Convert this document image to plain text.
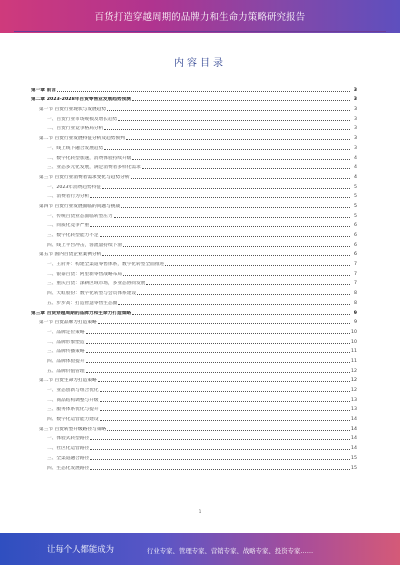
百货打造穿越周期的品牌力和生命力策略研究报告
内容目录
第一章 前言	3
第二章 2023-2028年百货零售业发展趋势预测	3
第一节 百货行业现状与发展趋势	3
一、百货行业市场规模及增长趋势	3
二、百货行业竞争格局分析	3
第二节 百货行业发展特征分析及趋势预判	3
一、线上线下融合发展趋势	3
二、数字化转型加速，消费体验持续升级	4
三、业态多元化发展，满足消费者多样化需求	4
第三节 百货行业消费者需求变化与趋势分析	4
一、2023年消费趋势特征	5
二、消费者行为分析	5
第四节 百货行业发展面临的问题与挑战	5
一、传统百货业态面临转型压力	5
二、同质化竞争严重	6
三、数字化转型能力不足	6
四、线上平台冲击，客流量持续下滑	6
第五节 国内百货企业案例分析	6
一、王府井：构建全渠道零售体系，数字化转型全面推进	7
二、银泰百货：阿里新零售战略布局	7
三、重庆百货：深耕区域市场，多业态协同发展	7
四、天虹股份：数字化转型与会员体系建设	8
五、步步高：打造智慧零售生态圈	8
第三章 百货穿越周期的品牌力和生命力打造策略	9
第一节 百货品牌力打造策略	9
一、品牌定位策略	10
二、品牌形象塑造	10
三、品牌传播策略	11
四、品牌体验提升	11
五、品牌价值管理	12
第二节 百货生命力打造策略	12
一、业态创新与组合优化	12
二、商品结构调整与升级	13
三、服务体系优化与提升	13
四、数字化运营能力建设	14
第三节 百货转型升级路径与策略	14
一、体验式转型路径	14
二、社区化运营路径	14
三、全渠道融合路径	15
四、生态化发展路径	15
1
让每个人都能成为	行业专家、管理专家、营销专家、战略专家、投资专家……
